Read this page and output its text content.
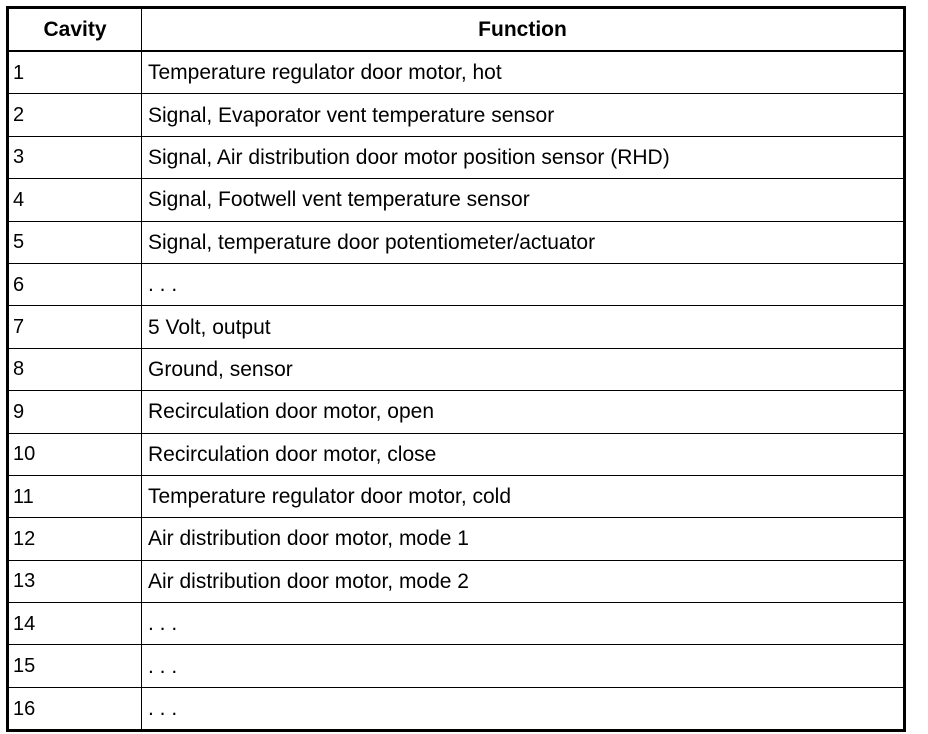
Cavity	Function
1	Temperature regulator door motor, hot
2	Signal, Evaporator vent temperature sensor
3	Signal, Air distribution door motor position sensor (RHD)
4	Signal, Footwell vent temperature sensor
5	Signal, temperature door potentiometer/actuator
6	. . .
7	5 Volt, output
8	Ground, sensor
9	Recirculation door motor, open
10	Recirculation door motor, close
11	Temperature regulator door motor, cold
12	Air distribution door motor, mode 1
13	Air distribution door motor, mode 2
14	. . .
15	. . .
16	. . .
